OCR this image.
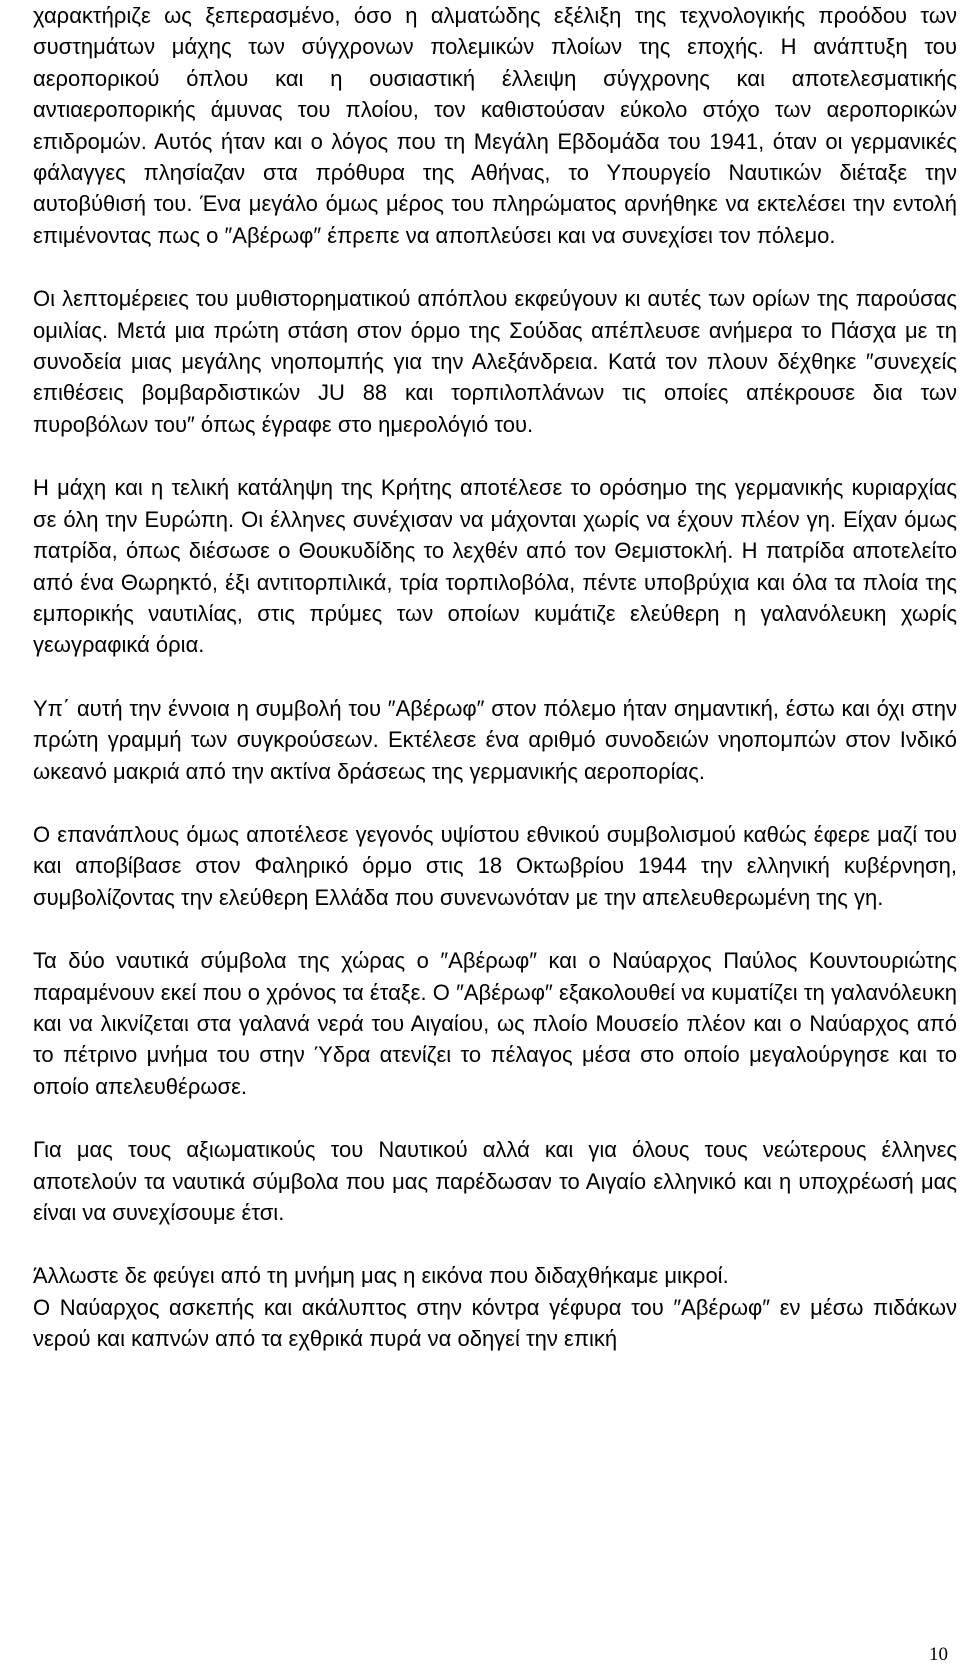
χαρακτήριζε ως ξεπερασμένο, όσο η αλματώδης εξέλιξη της τεχνολογικής προόδου των συστημάτων μάχης των σύγχρονων πολεμικών πλοίων της εποχής. Η ανάπτυξη του αεροπορικού όπλου και η ουσιαστική έλλειψη σύγχρονης και αποτελεσματικής αντιαεροπορικής άμυνας του πλοίου, τον καθιστούσαν εύκολο στόχο των αεροπορικών επιδρομών. Αυτός ήταν και ο λόγος που τη Μεγάλη Εβδομάδα του 1941, όταν οι γερμανικές φάλαγγες πλησίαζαν στα πρόθυρα της Αθήνας, το Υπουργείο Ναυτικών διέταξε την αυτοβύθισή του. Ένα μεγάλο όμως μέρος του πληρώματος αρνήθηκε να εκτελέσει την εντολή επιμένοντας πως ο ″Αβέρωφ″ έπρεπε να αποπλεύσει και να συνεχίσει τον πόλεμο.

Οι λεπτομέρειες του μυθιστορηματικού απόπλου εκφεύγουν κι αυτές των ορίων της παρούσας ομιλίας. Μετά μια πρώτη στάση στον όρμο της Σούδας απέπλευσε ανήμερα το Πάσχα με τη συνοδεία μιας μεγάλης νηοπομπής για την Αλεξάνδρεια. Κατά τον πλουν δέχθηκε ″συνεχείς επιθέσεις βομβαρδιστικών JU 88 και τορπιλοπλάνων τις οποίες απέκρουσε δια των πυροβόλων του″ όπως έγραφε στο ημερολόγιό του.

Η μάχη και η τελική κατάληψη της Κρήτης αποτέλεσε το ορόσημο της γερμανικής κυριαρχίας σε όλη την Ευρώπη. Οι έλληνες συνέχισαν να μάχονται χωρίς να έχουν πλέον γη. Είχαν όμως πατρίδα, όπως διέσωσε ο Θουκυδίδης το λεχθέν από τον Θεμιστοκλή. Η πατρίδα αποτελείτο από ένα Θωρηκτό, έξι αντιτορπιλικά, τρία τορπιλοβόλα, πέντε υποβρύχια και όλα τα πλοία της εμπορικής ναυτιλίας, στις πρύμες των οποίων κυμάτιζε ελεύθερη η γαλανόλευκη χωρίς γεωγραφικά όρια.

Υπ΄ αυτή την έννοια η συμβολή του ″Αβέρωφ″ στον πόλεμο ήταν σημαντική, έστω και όχι στην πρώτη γραμμή των συγκρούσεων. Εκτέλεσε ένα αριθμό συνοδειών νηοπομπών στον Ινδικό ωκεανό μακριά από την ακτίνα δράσεως της γερμανικής αεροπορίας.

Ο επανάπλους όμως αποτέλεσε γεγονός υψίστου εθνικού συμβολισμού καθώς έφερε μαζί του και αποβίβασε στον Φαληρικό όρμο στις 18 Οκτωβρίου 1944 την ελληνική κυβέρνηση, συμβολίζοντας την ελεύθερη Ελλάδα που συνενωνόταν με την απελευθερωμένη της γη.

Τα δύο ναυτικά σύμβολα της χώρας ο ″Αβέρωφ″ και ο Ναύαρχος Παύλος Κουντουριώτης παραμένουν εκεί που ο χρόνος τα έταξε. Ο ″Αβέρωφ″ εξακολουθεί να κυματίζει τη γαλανόλευκη και να λικνίζεται στα γαλανά νερά του Αιγαίου, ως πλοίο Μουσείο πλέον και ο Ναύαρχος από το πέτρινο μνήμα του στην Ύδρα ατενίζει το πέλαγος μέσα στο οποίο μεγαλούργησε και το οποίο απελευθέρωσε.

Για μας τους αξιωματικούς του Ναυτικού αλλά και για όλους τους νεώτερους έλληνες αποτελούν τα ναυτικά σύμβολα που μας παρέδωσαν το Αιγαίο ελληνικό και η υποχρέωσή μας είναι να συνεχίσουμε έτσι.

Άλλωστε δε φεύγει από τη μνήμη μας η εικόνα που διδαχθήκαμε μικροί.

Ο Ναύαρχος ασκεπής και ακάλυπτος στην κόντρα γέφυρα του ″Αβέρωφ″ εν μέσω πιδάκων νερού και καπνών από τα εχθρικά πυρά να οδηγεί την επική

10
